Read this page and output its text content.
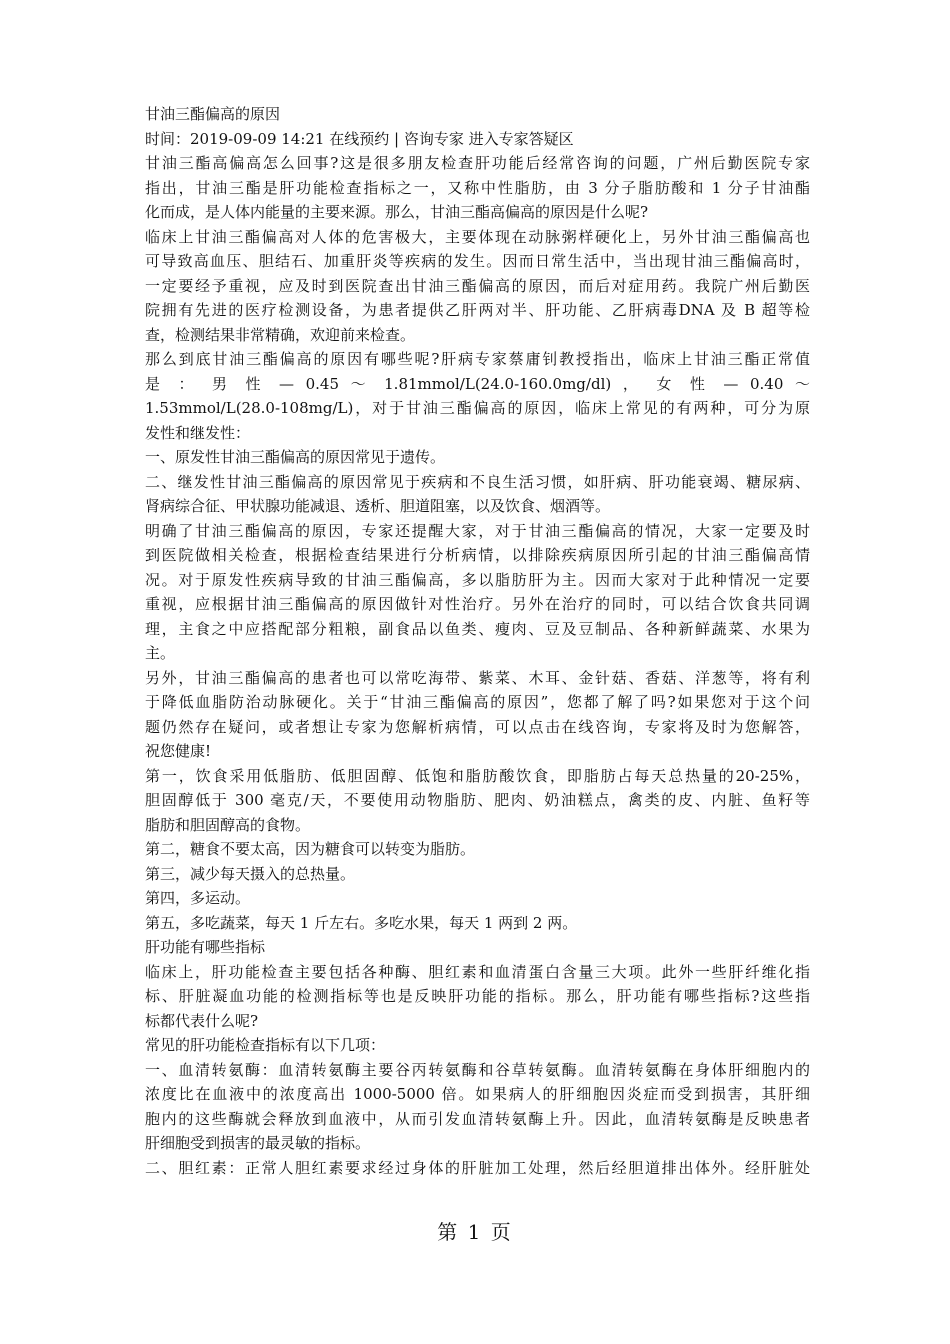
甘油三酯偏高的原因
时间：2019-09-09 14:21 在线预约 | 咨询专家 进入专家答疑区
甘油三酯高偏高怎么回事?这是很多朋友检查肝功能后经常咨询的问题，广州后勤医院专家
指出，甘油三酯是肝功能检查指标之一，又称中性脂肪，由 3 分子脂肪酸和 1 分子甘油酯
化而成，是人体内能量的主要来源。那么，甘油三酯高偏高的原因是什么呢?
临床上甘油三酯偏高对人体的危害极大，主要体现在动脉粥样硬化上，另外甘油三酯偏高也
可导致高血压、胆结石、加重肝炎等疾病的发生。因而日常生活中，当出现甘油三酯偏高时，
一定要经予重视，应及时到医院查出甘油三酯偏高的原因，而后对症用药。我院广州后勤医
院拥有先进的医疗检测设备，为患者提供乙肝两对半、肝功能、乙肝病毒DNA 及 B 超等检
查，检测结果非常精确，欢迎前来检查。
那么到底甘油三酯偏高的原因有哪些呢?肝病专家蔡庸钊教授指出，临床上甘油三酯正常值
是 ： 男 性 — 0.45 ～ 1.81mmol/L(24.0-160.0mg/dl) ， 女 性 — 0.40 ～
1.53mmol/L(28.0-108mg/L)，对于甘油三酯偏高的原因，临床上常见的有两种，可分为原
发性和继发性：
一、原发性甘油三酯偏高的原因常见于遗传。
二、继发性甘油三酯偏高的原因常见于疾病和不良生活习惯，如肝病、肝功能衰竭、糖尿病、
肾病综合征、甲状腺功能减退、透析、胆道阻塞，以及饮食、烟酒等。
明确了甘油三酯偏高的原因，专家还提醒大家，对于甘油三酯偏高的情况，大家一定要及时
到医院做相关检查，根据检查结果进行分析病情，以排除疾病原因所引起的甘油三酯偏高情
况。对于原发性疾病导致的甘油三酯偏高，多以脂肪肝为主。因而大家对于此种情况一定要
重视，应根据甘油三酯偏高的原因做针对性治疗。另外在治疗的同时，可以结合饮食共同调
理，主食之中应搭配部分粗粮，副食品以鱼类、瘦肉、豆及豆制品、各种新鲜蔬菜、水果为
主。
另外，甘油三酯偏高的患者也可以常吃海带、紫菜、木耳、金针菇、香菇、洋葱等，将有利
于降低血脂防治动脉硬化。关于“甘油三酯偏高的原因”，您都了解了吗?如果您对于这个问
题仍然存在疑问，或者想让专家为您解析病情，可以点击在线咨询，专家将及时为您解答，
祝您健康!
第一，饮食采用低脂肪、低胆固醇、低饱和脂肪酸饮食，即脂肪占每天总热量的20-25%，
胆固醇低于 300 毫克/天，不要使用动物脂肪、肥肉、奶油糕点，禽类的皮、内脏、鱼籽等
脂肪和胆固醇高的食物。
第二，糖食不要太高，因为糖食可以转变为脂肪。
第三，减少每天摄入的总热量。
第四，多运动。
第五，多吃蔬菜，每天 1 斤左右。多吃水果，每天 1 两到 2 两。
肝功能有哪些指标
临床上，肝功能检查主要包括各种酶、胆红素和血清蛋白含量三大项。此外一些肝纤维化指
标、肝脏凝血功能的检测指标等也是反映肝功能的指标。那么，肝功能有哪些指标?这些指
标都代表什么呢?
常见的肝功能检查指标有以下几项：
一、血清转氨酶：血清转氨酶主要谷丙转氨酶和谷草转氨酶。血清转氨酶在身体肝细胞内的
浓度比在血液中的浓度高出 1000-5000 倍。如果病人的肝细胞因炎症而受到损害，其肝细
胞内的这些酶就会释放到血液中，从而引发血清转氨酶上升。因此，血清转氨酶是反映患者
肝细胞受到损害的最灵敏的指标。
二、胆红素：正常人胆红素要求经过身体的肝脏加工处理，然后经胆道排出体外。经肝脏处
第 1 页
